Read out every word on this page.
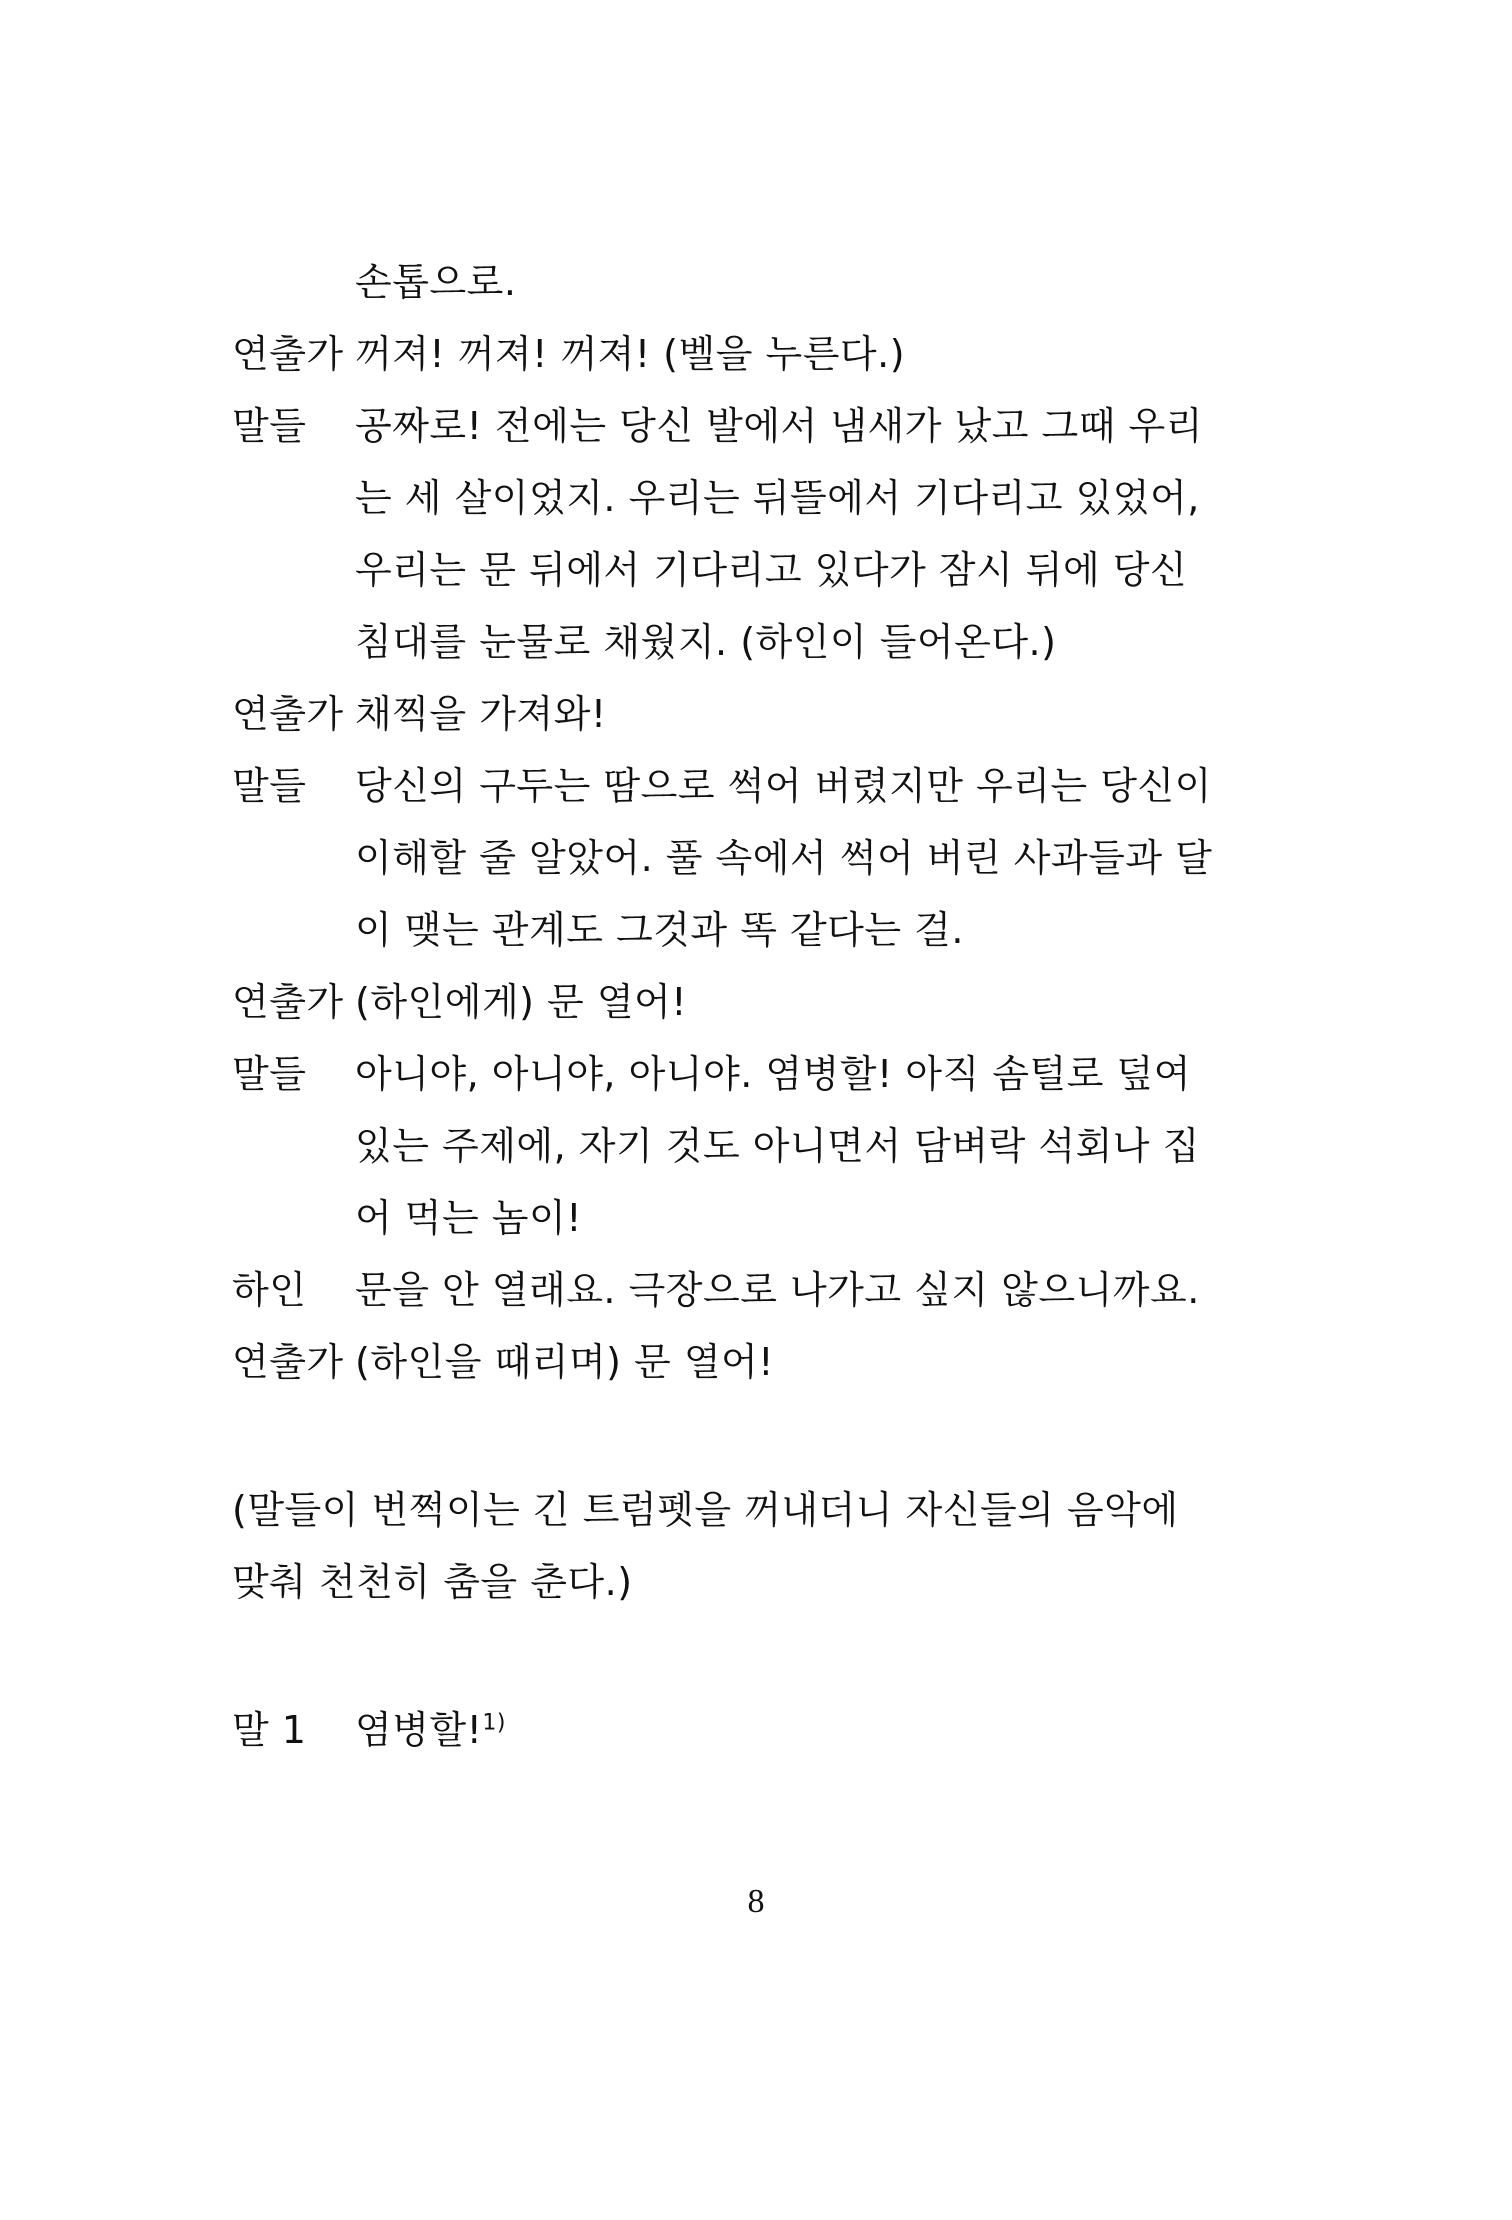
손톱으로.
연출가 꺼져! 꺼져! 꺼져! (벨을 누른다.)
말들 공짜로! 전에는 당신 발에서 냄새가 났고 그때 우리
는 세 살이었지. 우리는 뒤뜰에서 기다리고 있었어,
우리는 문 뒤에서 기다리고 있다가 잠시 뒤에 당신
침대를 눈물로 채웠지. (하인이 들어온다.)
연출가 채찍을 가져와!
말들 당신의 구두는 땀으로 썩어 버렸지만 우리는 당신이
이해할 줄 알았어. 풀 속에서 썩어 버린 사과들과 달
이 맺는 관계도 그것과 똑 같다는 걸.
연출가 (하인에게) 문 열어!
말들 아니야, 아니야, 아니야. 염병할! 아직 솜털로 덮여
있는 주제에, 자기 것도 아니면서 담벼락 석회나 집
어 먹는 놈이!
하인 문을 안 열래요. 극장으로 나가고 싶지 않으니까요.
연출가 (하인을 때리며) 문 열어!
(말들이 번쩍이는 긴 트럼펫을 꺼내더니 자신들의 음악에
맞춰 천천히 춤을 춘다.)
말 1 염병할!$^{1)}$
8
